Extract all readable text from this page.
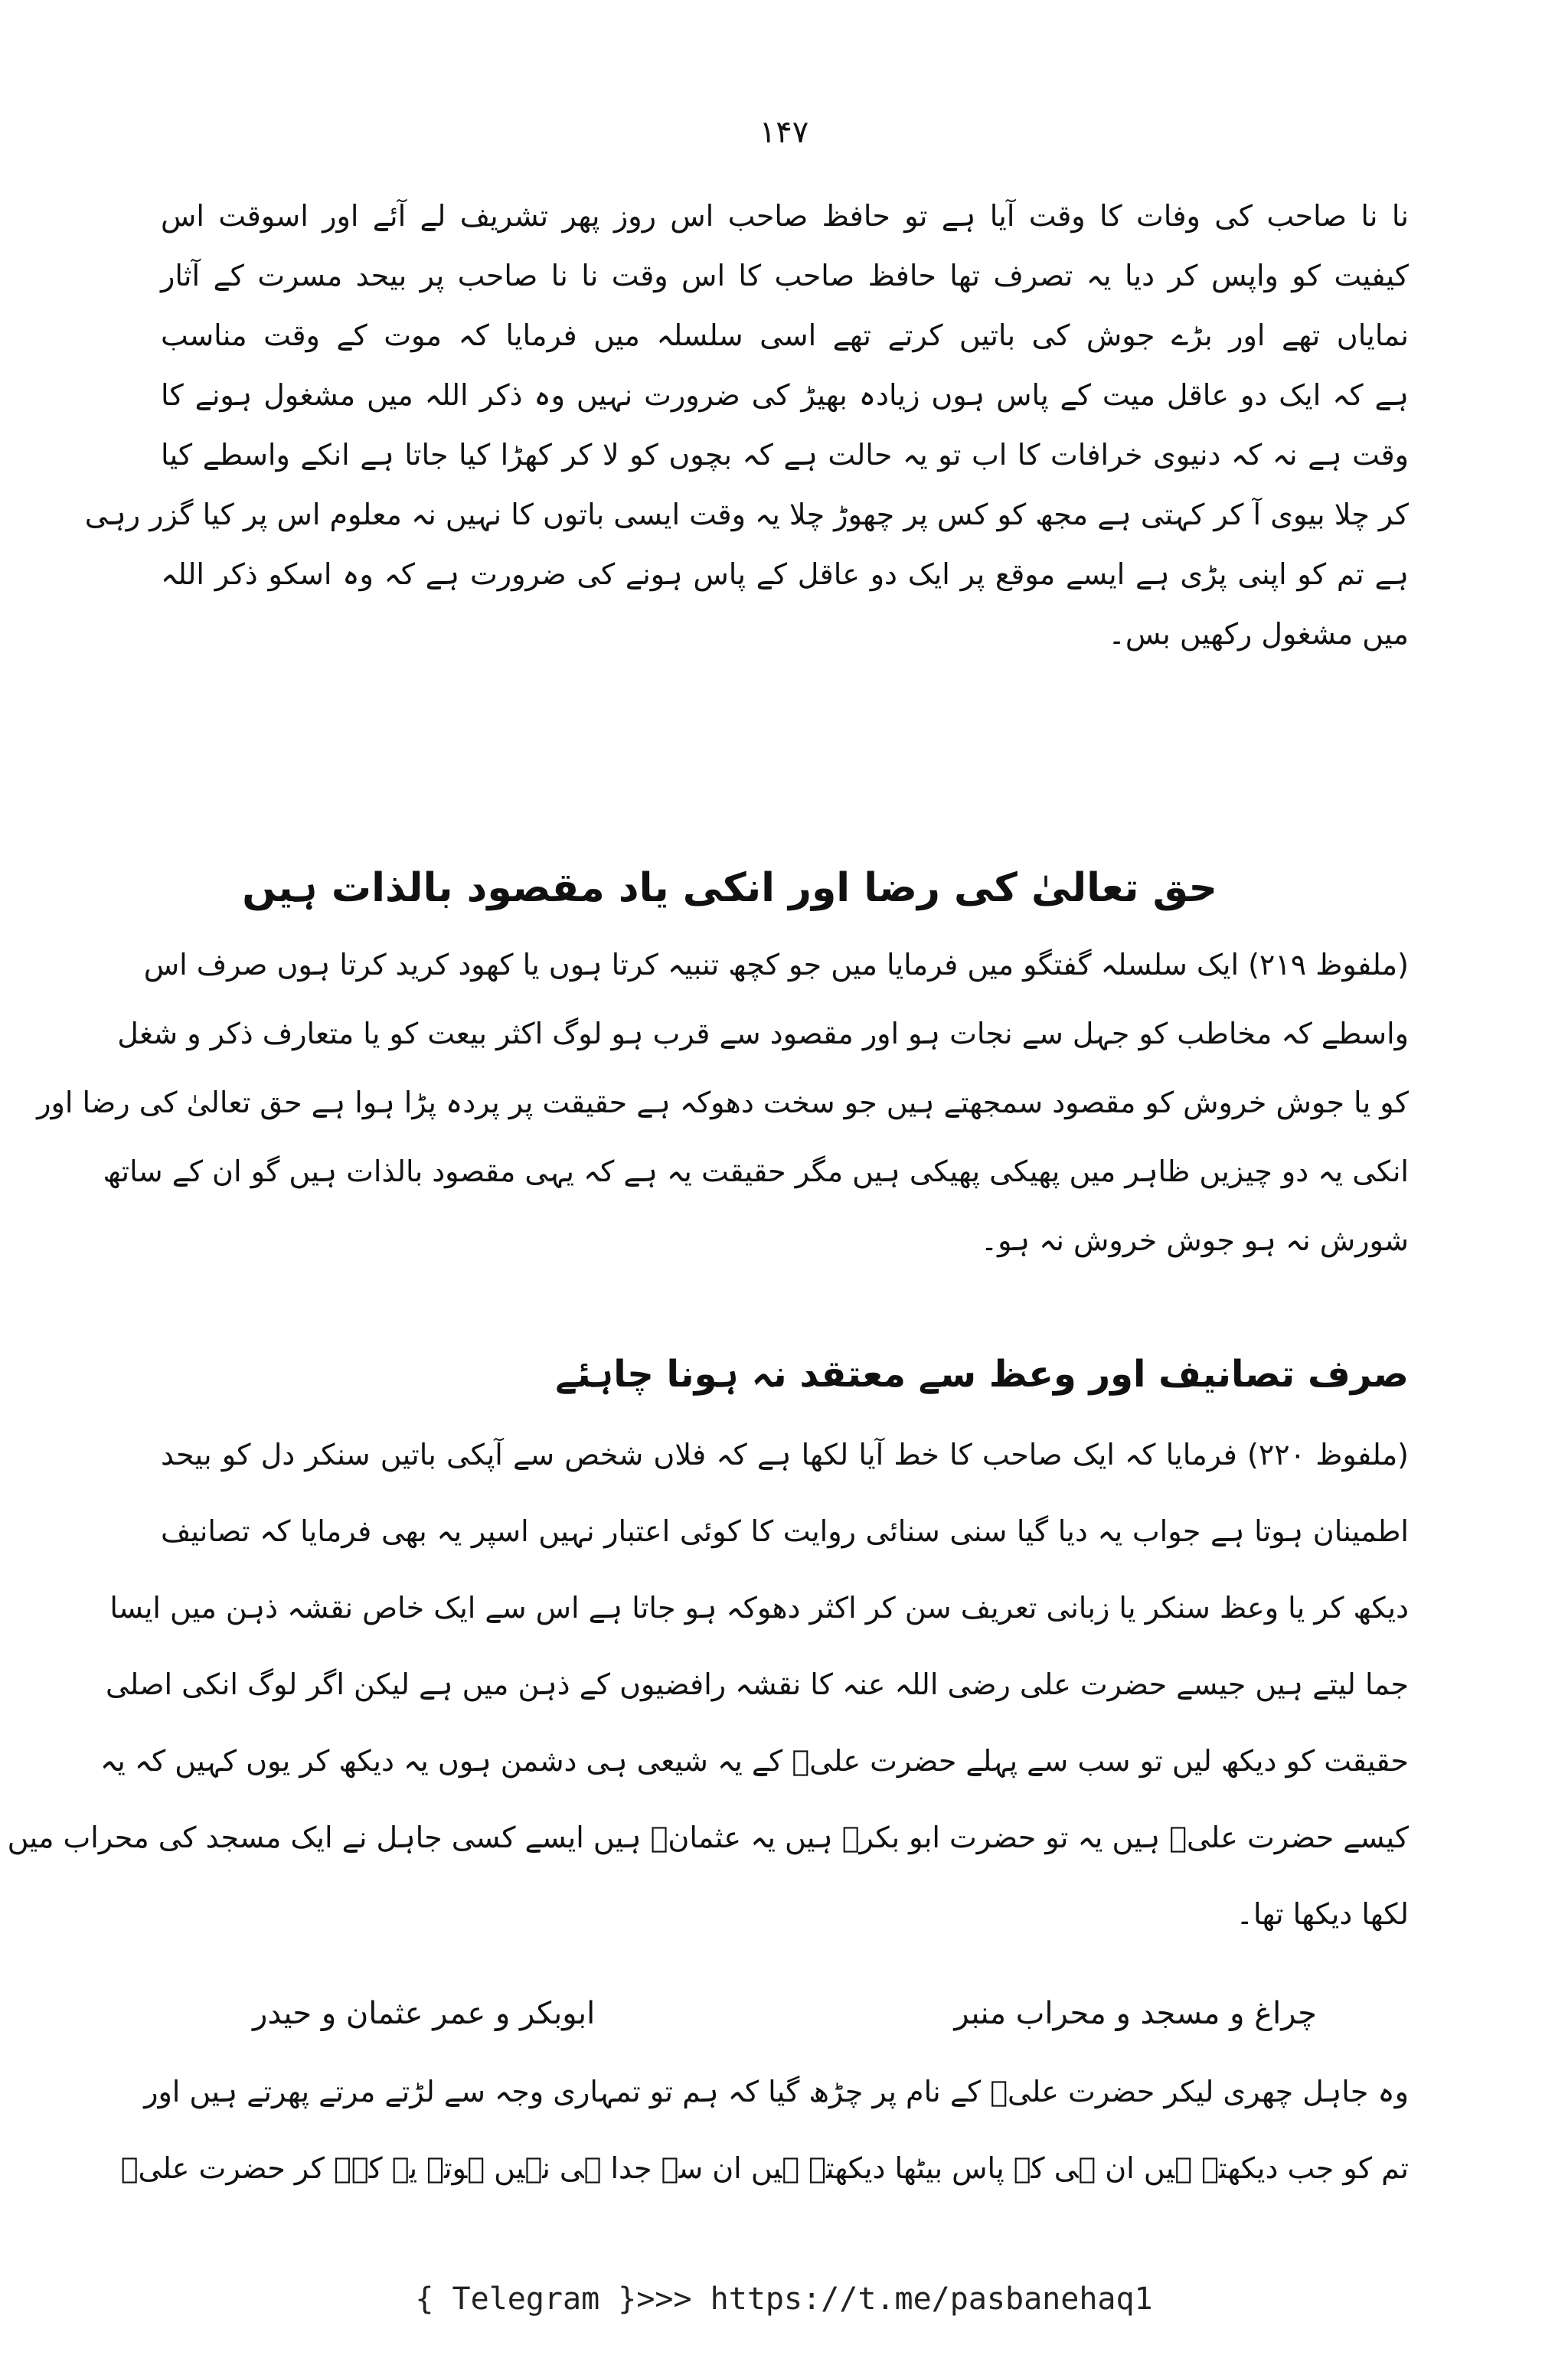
۱۴۷
نا نا صاحب کی وفات کا وقت آیا ہے تو حافظ صاحب اس روز پھر تشریف لے آئے اور اسوقت اس
کیفیت کو واپس کر دیا یہ تصرف تھا حافظ صاحب کا اس وقت نا نا صاحب پر بیحد مسرت کے آثار
نمایاں تھے اور بڑے جوش کی باتیں کرتے تھے اسی سلسلہ میں فرمایا کہ موت کے وقت مناسب
ہے کہ ایک دو عاقل میت کے پاس ہوں زیادہ بھیڑ کی ضرورت نہیں وہ ذکر اللہ میں مشغول ہونے کا
وقت ہے نہ کہ دنیوی خرافات کا اب تو یہ حالت ہے کہ بچوں کو لا کر کھڑا کیا جاتا ہے انکے واسطے کیا
کر چلا بیوی آ کر کہتی ہے مجھ کو کس پر چھوڑ چلا یہ وقت ایسی باتوں کا نہیں نہ معلوم اس پر کیا گزر رہی
ہے تم کو اپنی پڑی ہے ایسے موقع پر ایک دو عاقل کے پاس ہونے کی ضرورت ہے کہ وہ اسکو ذکر اللہ
میں مشغول رکھیں بس۔
حق تعالیٰ کی رضا اور انکی یاد مقصود بالذات ہیں
(ملفوظ ۲۱۹) ایک سلسلہ گفتگو میں فرمایا میں جو کچھ تنبیہ کرتا ہوں یا کھود کرید کرتا ہوں صرف اس
واسطے کہ مخاطب کو جہل سے نجات ہو اور مقصود سے قرب ہو لوگ اکثر بیعت کو یا متعارف ذکر و شغل
کو یا جوش خروش کو مقصود سمجھتے ہیں جو سخت دھوکہ ہے حقیقت پر پردہ پڑا ہوا ہے حق تعالیٰ کی رضا اور
انکی یہ دو چیزیں ظاہر میں پھیکی پھیکی ہیں مگر حقیقت یہ ہے کہ یہی مقصود بالذات ہیں گو ان کے ساتھ
شورش نہ ہو جوش خروش نہ ہو۔
صرف تصانیف اور وعظ سے معتقد نہ ہونا چاہئے
(ملفوظ ۲۲۰) فرمایا کہ ایک صاحب کا خط آیا لکھا ہے کہ فلاں شخص سے آپکی باتیں سنکر دل کو بیحد
اطمینان ہوتا ہے جواب یہ دیا گیا سنی سنائی روایت کا کوئی اعتبار نہیں اسپر یہ بھی فرمایا کہ تصانیف
دیکھ کر یا وعظ سنکر یا زبانی تعریف سن کر اکثر دھوکہ ہو جاتا ہے اس سے ایک خاص نقشہ ذہن میں ایسا
جما لیتے ہیں جیسے حضرت علی رضی اللہ عنہ کا نقشہ رافضیوں کے ذہن میں ہے لیکن اگر لوگ انکی اصلی
حقیقت کو دیکھ لیں تو سب سے پہلے حضرت علیؓ کے یہ شیعی ہی دشمن ہوں یہ دیکھ کر یوں کہیں کہ یہ
کیسے حضرت علیؓ ہیں یہ تو حضرت ابو بکرؓ ہیں یہ عثمانؓ ہیں ایسے کسی جاہل نے ایک مسجد کی محراب میں
لکھا دیکھا تھا۔
چراغ و مسجد و محراب منبر
ابوبکر و عمر عثمان و حیدر
وہ جاہل چھری لیکر حضرت علیؓ کے نام پر چڑھ گیا کہ ہم تو تمہاری وجہ سے لڑتے مرتے پھرتے ہیں اور
تم کو جب دیکھتے ہیں ان ہی کے پاس بیٹھا دیکھتے ہیں ان سے جدا ہی نہیں ہوتے یہ کہہ کر حضرت علیؓ
{ Telegram }>>> https://t.me/pasbanehaq1
